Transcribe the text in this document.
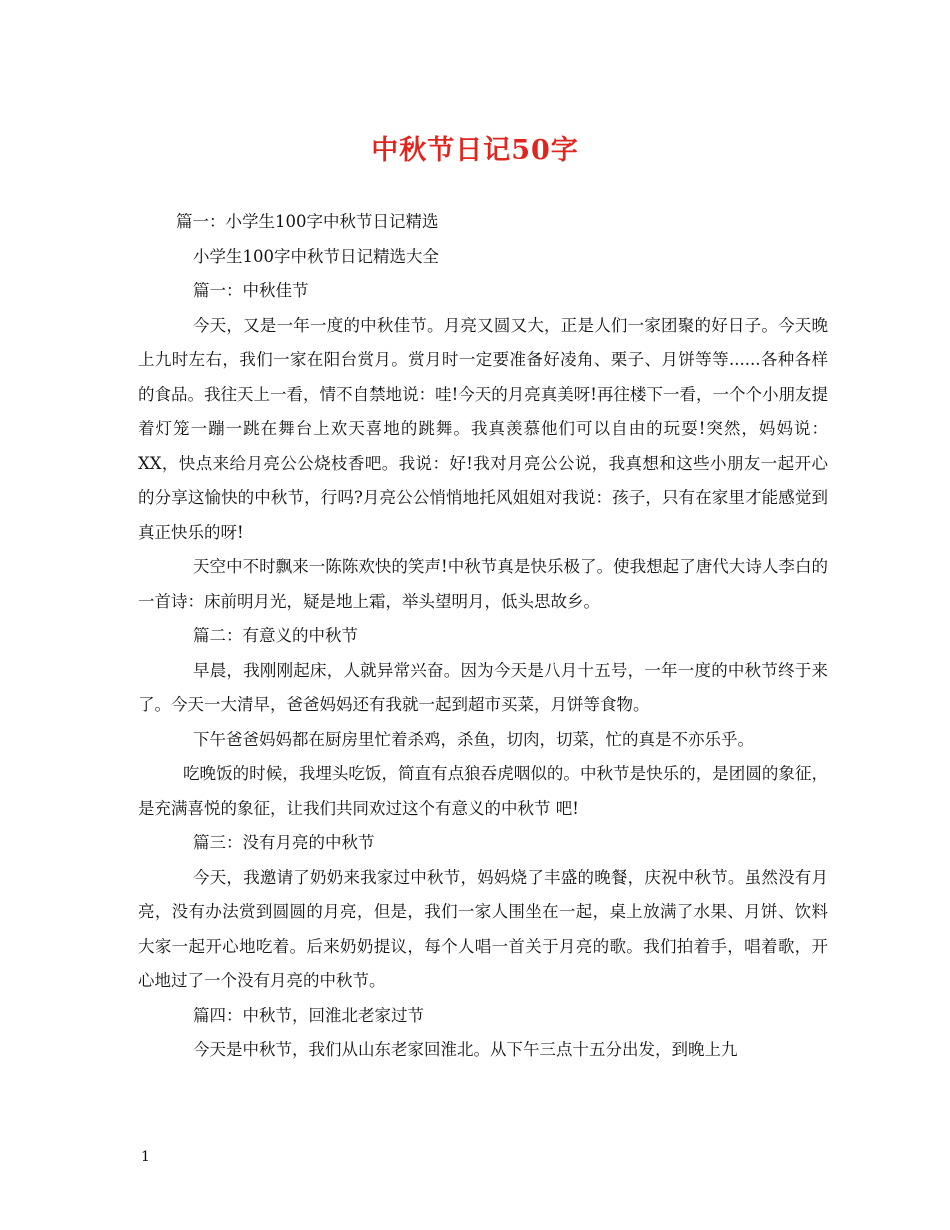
中秋节日记50字

篇一：小学生100字中秋节日记精选

小学生100字中秋节日记精选大全

篇一：中秋佳节

今天，又是一年一度的中秋佳节。月亮又圆又大，正是人们一家团聚的好日子。今天晚上九时左右，我们一家在阳台赏月。赏月时一定要准备好凌角、栗子、月饼等等......各种各样的食品。我往天上一看，情不自禁地说：哇!今天的月亮真美呀!再往楼下一看，一个个小朋友提着灯笼一蹦一跳在舞台上欢天喜地的跳舞。我真羡慕他们可以自由的玩耍!突然，妈妈说：XX，快点来给月亮公公烧枝香吧。我说：好!我对月亮公公说，我真想和这些小朋友一起开心的分享这愉快的中秋节，行吗?月亮公公悄悄地托风姐姐对我说：孩子，只有在家里才能感觉到真正快乐的呀!

天空中不时飘来一陈陈欢快的笑声!中秋节真是快乐极了。使我想起了唐代大诗人李白的一首诗：床前明月光，疑是地上霜，举头望明月，低头思故乡。

篇二：有意义的中秋节

早晨，我刚刚起床，人就异常兴奋。因为今天是八月十五号，一年一度的中秋节终于来了。今天一大清早，爸爸妈妈还有我就一起到超市买菜，月饼等食物。

下午爸爸妈妈都在厨房里忙着杀鸡，杀鱼，切肉，切菜，忙的真是不亦乐乎。

吃晚饭的时候，我埋头吃饭，简直有点狼吞虎咽似的。中秋节是快乐的，是团圆的象征，是充满喜悦的象征，让我们共同欢过这个有意义的中秋节 吧!

篇三：没有月亮的中秋节

今天，我邀请了奶奶来我家过中秋节，妈妈烧了丰盛的晚餐，庆祝中秋节。虽然没有月亮，没有办法赏到圆圆的月亮，但是，我们一家人围坐在一起，桌上放满了水果、月饼、饮料大家一起开心地吃着。后来奶奶提议，每个人唱一首关于月亮的歌。我们拍着手，唱着歌，开心地过了一个没有月亮的中秋节。

篇四：中秋节，回淮北老家过节

今天是中秋节，我们从山东老家回淮北。从下午三点十五分出发，到晚上九

1
